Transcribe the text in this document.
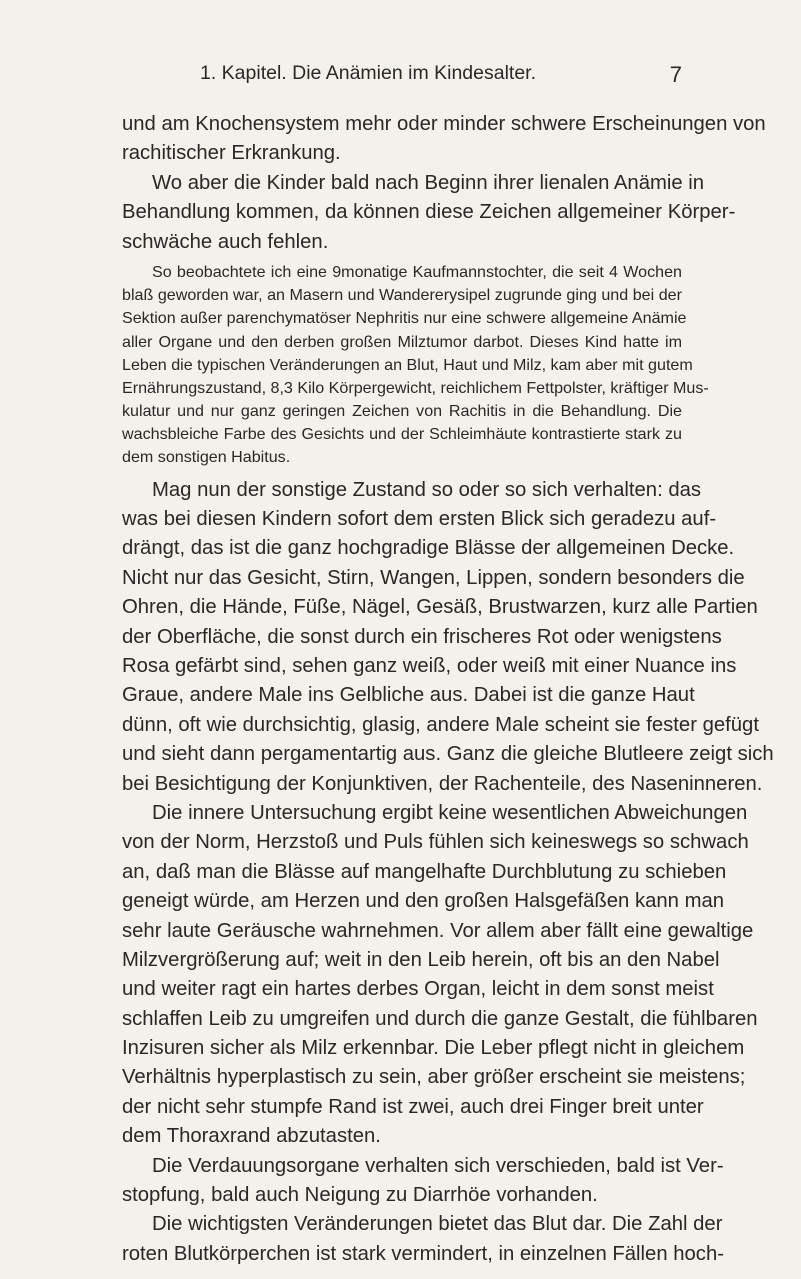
1. Kapitel. Die Anämien im Kindesalter.	7
und am Knochensystem mehr oder minder schwere Erscheinungen von
rachitischer Erkrankung.
Wo aber die Kinder bald nach Beginn ihrer lienalen Anämie in
Behandlung kommen, da können diese Zeichen allgemeiner Körper-
schwäche auch fehlen.
So beobachtete ich eine 9monatige Kaufmannstochter, die seit 4 Wochen
blaß geworden war, an Masern und Wandererysipel zugrunde ging und bei der
Sektion außer parenchymatöser Nephritis nur eine schwere allgemeine Anämie
aller Organe und den derben großen Milztumor darbot. Dieses Kind hatte im
Leben die typischen Veränderungen an Blut, Haut und Milz, kam aber mit gutem
Ernährungszustand, 8,3 Kilo Körpergewicht, reichlichem Fettpolster, kräftiger Mus-
kulatur und nur ganz geringen Zeichen von Rachitis in die Behandlung. Die
wachsbleiche Farbe des Gesichts und der Schleimhäute kontrastierte stark zu
dem sonstigen Habitus.
Mag nun der sonstige Zustand so oder so sich verhalten: das
was bei diesen Kindern sofort dem ersten Blick sich geradezu auf-
drängt, das ist die ganz hochgradige Blässe der allgemeinen Decke.
Nicht nur das Gesicht, Stirn, Wangen, Lippen, sondern besonders die
Ohren, die Hände, Füße, Nägel, Gesäß, Brustwarzen, kurz alle Partien
der Oberfläche, die sonst durch ein frischeres Rot oder wenigstens
Rosa gefärbt sind, sehen ganz weiß, oder weiß mit einer Nuance ins
Graue, andere Male ins Gelbliche aus. Dabei ist die ganze Haut
dünn, oft wie durchsichtig, glasig, andere Male scheint sie fester gefügt
und sieht dann pergamentartig aus. Ganz die gleiche Blutleere zeigt sich
bei Besichtigung der Konjunktiven, der Rachenteile, des Naseninneren.
Die innere Untersuchung ergibt keine wesentlichen Abweichungen
von der Norm, Herzstoß und Puls fühlen sich keineswegs so schwach
an, daß man die Blässe auf mangelhafte Durchblutung zu schieben
geneigt würde, am Herzen und den großen Halsgefäßen kann man
sehr laute Geräusche wahrnehmen. Vor allem aber fällt eine gewaltige
Milzvergrößerung auf; weit in den Leib herein, oft bis an den Nabel
und weiter ragt ein hartes derbes Organ, leicht in dem sonst meist
schlaffen Leib zu umgreifen und durch die ganze Gestalt, die fühlbaren
Inzisuren sicher als Milz erkennbar. Die Leber pflegt nicht in gleichem
Verhältnis hyperplastisch zu sein, aber größer erscheint sie meistens;
der nicht sehr stumpfe Rand ist zwei, auch drei Finger breit unter
dem Thoraxrand abzutasten.
Die Verdauungsorgane verhalten sich verschieden, bald ist Ver-
stopfung, bald auch Neigung zu Diarrhöe vorhanden.
Die wichtigsten Veränderungen bietet das Blut dar. Die Zahl der
roten Blutkörperchen ist stark vermindert, in einzelnen Fällen hoch-
